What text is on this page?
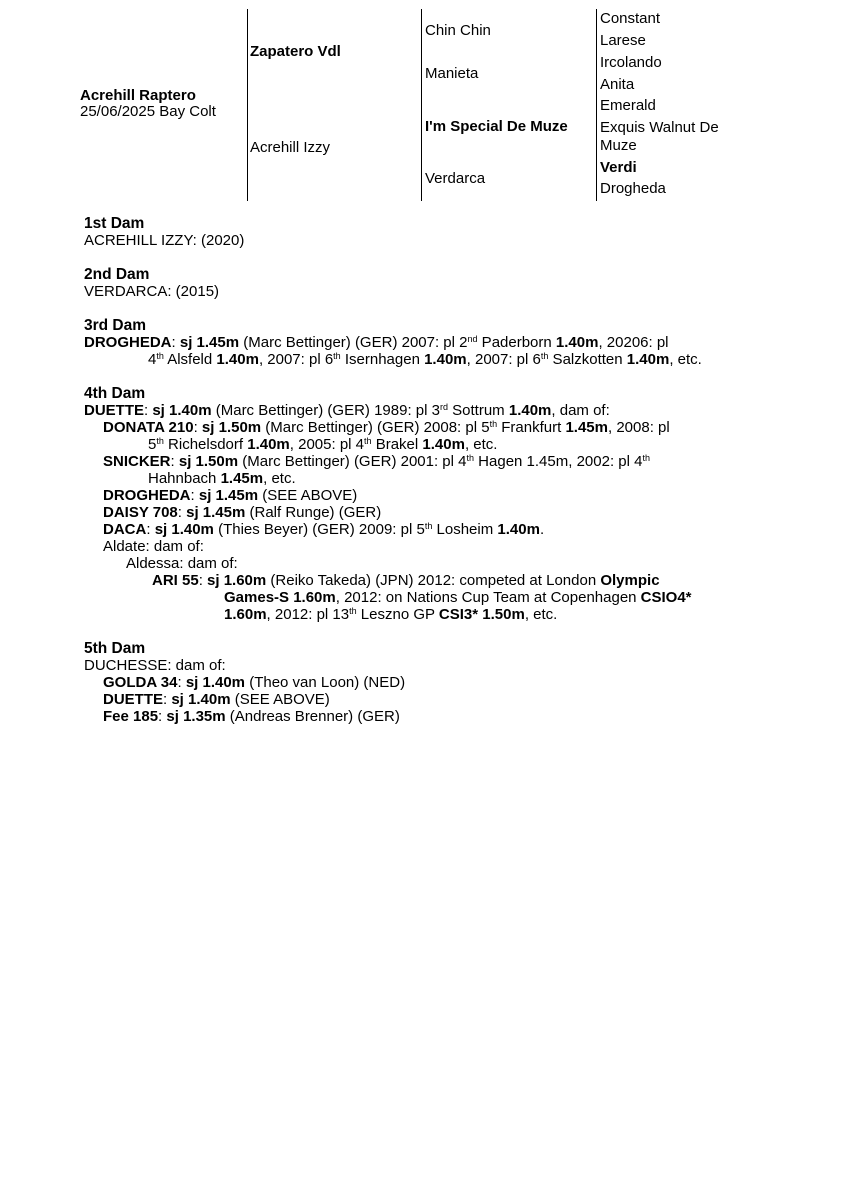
Acrehill Raptero
25/06/2025 Bay Colt
Zapatero Vdl
Acrehill Izzy
Chin Chin
Manieta
I'm Special De Muze
Verdarca
Constant
Larese
Ircolando
Anita
Emerald
Exquis Walnut De
Muze
Verdi
Drogheda
1st Dam
ACREHILL IZZY: (2020)
2nd Dam
VERDARCA: (2015)
3rd Dam
DROGHEDA: sj 1.45m (Marc Bettinger) (GER) 2007: pl 2nd Paderborn 1.40m, 20206: pl
4th Alsfeld 1.40m, 2007: pl 6th Isernhagen 1.40m, 2007: pl 6th Salzkotten 1.40m, etc.
4th Dam
DUETTE: sj 1.40m (Marc Bettinger) (GER) 1989: pl 3rd Sottrum 1.40m, dam of:
DONATA 210: sj 1.50m (Marc Bettinger) (GER) 2008: pl 5th Frankfurt 1.45m, 2008: pl
5th Richelsdorf 1.40m, 2005: pl 4th Brakel 1.40m, etc.
SNICKER: sj 1.50m (Marc Bettinger) (GER) 2001: pl 4th Hagen 1.45m, 2002: pl 4th
Hahnbach 1.45m, etc.
DROGHEDA: sj 1.45m (SEE ABOVE)
DAISY 708: sj 1.45m (Ralf Runge) (GER)
DACA: sj 1.40m (Thies Beyer) (GER) 2009: pl 5th Losheim 1.40m.
Aldate: dam of:
Aldessa: dam of:
ARI 55: sj 1.60m (Reiko Takeda) (JPN) 2012: competed at London Olympic
Games-S 1.60m, 2012: on Nations Cup Team at Copenhagen CSIO4*
1.60m, 2012: pl 13th Leszno GP CSI3* 1.50m, etc.
5th Dam
DUCHESSE: dam of:
GOLDA 34: sj 1.40m (Theo van Loon) (NED)
DUETTE: sj 1.40m (SEE ABOVE)
Fee 185: sj 1.35m (Andreas Brenner) (GER)
